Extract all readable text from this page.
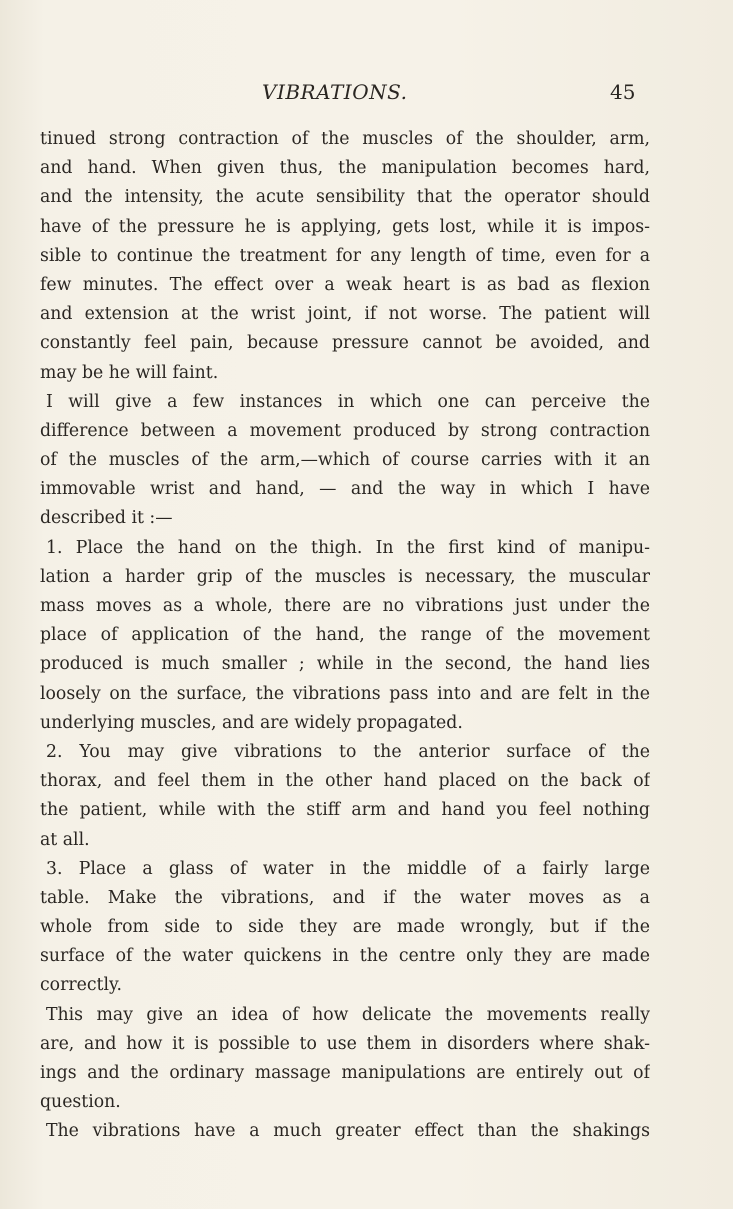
VIBRATIONS.	45
tinued strong contraction of the muscles of the shoulder, arm,
and hand. When given thus, the manipulation becomes hard,
and the intensity, the acute sensibility that the operator should
have of the pressure he is applying, gets lost, while it is impos-
sible to continue the treatment for any length of time, even for a
few minutes. The effect over a weak heart is as bad as flexion
and extension at the wrist joint, if not worse. The patient will
constantly feel pain, because pressure cannot be avoided, and
may be he will faint.
I will give a few instances in which one can perceive the
difference between a movement produced by strong contraction
of the muscles of the arm,—which of course carries with it an
immovable wrist and hand, — and the way in which I have
described it :—
1. Place the hand on the thigh. In the first kind of manipu-
lation a harder grip of the muscles is necessary, the muscular
mass moves as a whole, there are no vibrations just under the
place of application of the hand, the range of the movement
produced is much smaller ; while in the second, the hand lies
loosely on the surface, the vibrations pass into and are felt in the
underlying muscles, and are widely propagated.
2. You may give vibrations to the anterior surface of the
thorax, and feel them in the other hand placed on the back of
the patient, while with the stiff arm and hand you feel nothing
at all.
3. Place a glass of water in the middle of a fairly large
table. Make the vibrations, and if the water moves as a
whole from side to side they are made wrongly, but if the
surface of the water quickens in the centre only they are made
correctly.
This may give an idea of how delicate the movements really
are, and how it is possible to use them in disorders where shak-
ings and the ordinary massage manipulations are entirely out of
question.
The vibrations have a much greater effect than the shakings
